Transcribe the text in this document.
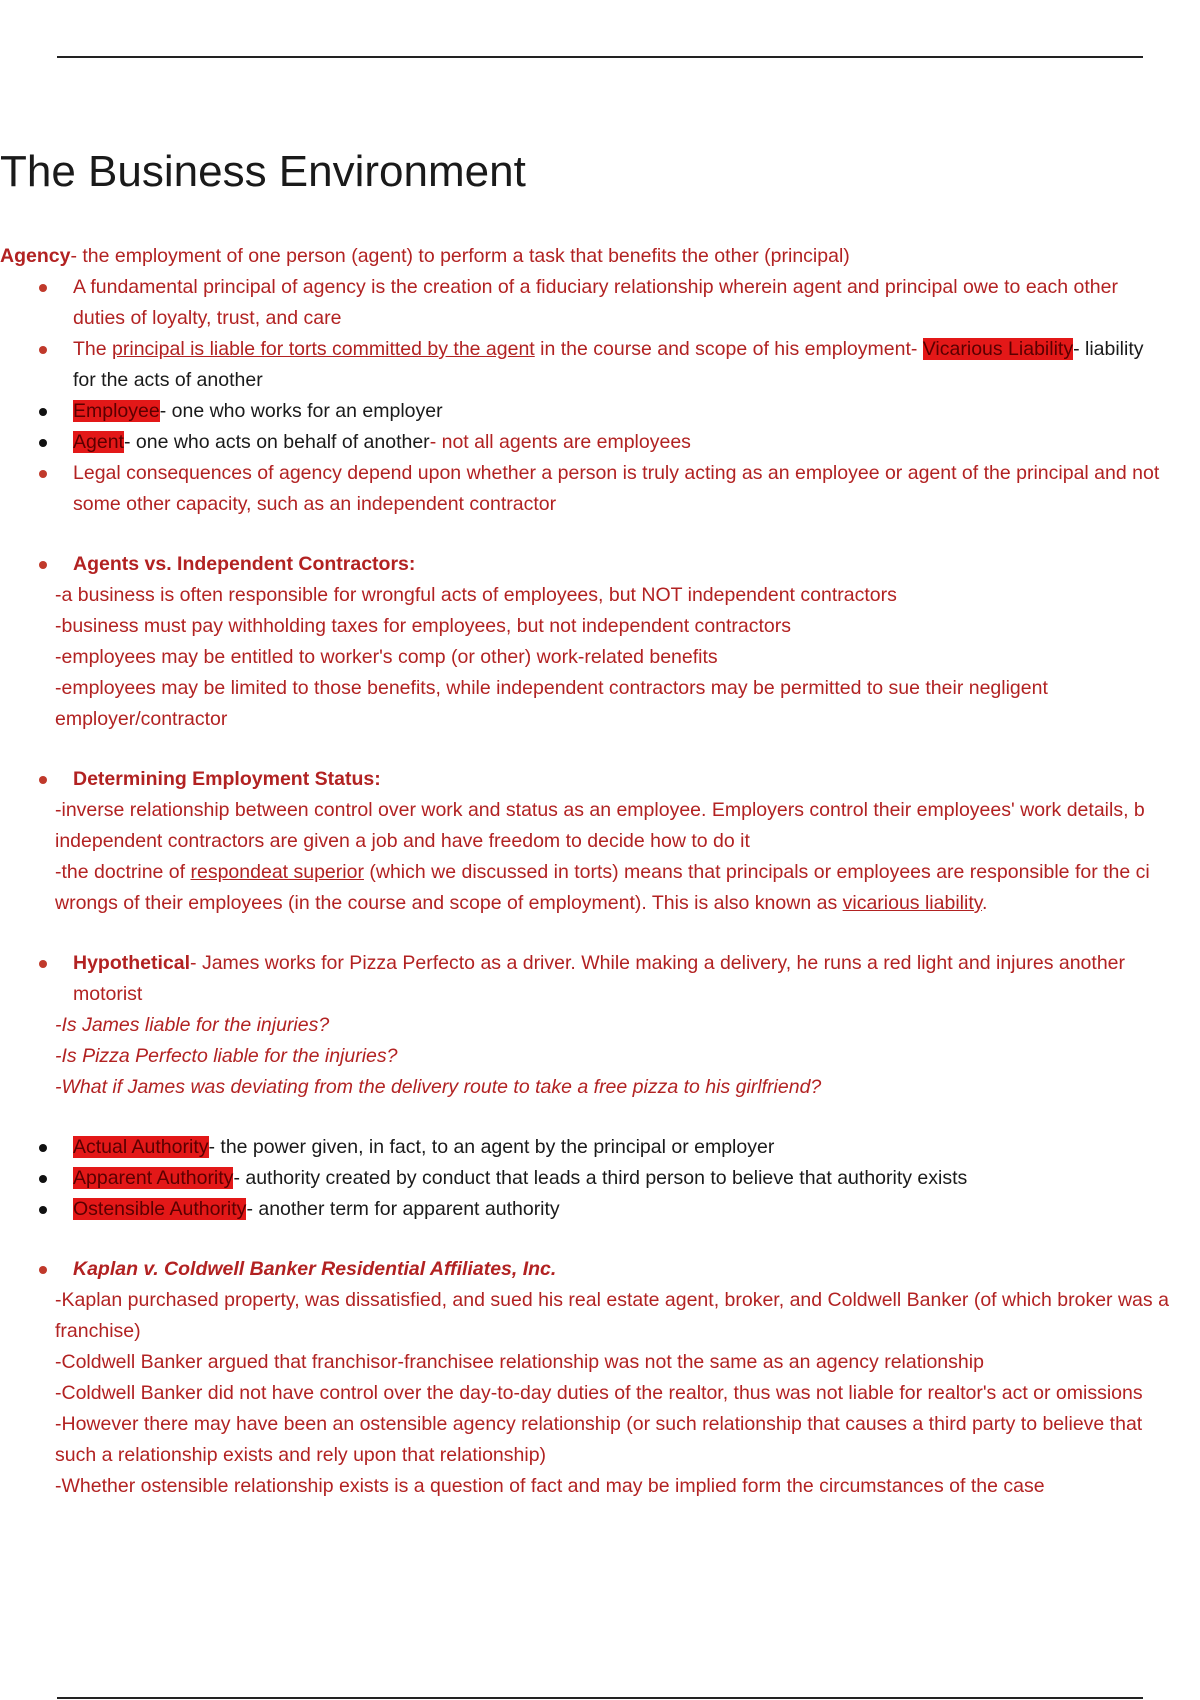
The Business Environment

Agency- the employment of one person (agent) to perform a task that benefits the other (principal)

A fundamental principal of agency is the creation of a fiduciary relationship wherein agent and principal owe to each other

duties of loyalty, trust, and care

The principal is liable for torts committed by the agent in the course and scope of his employment- Vicarious Liability- liability

for the acts of another

Employee- one who works for an employer

Agent- one who acts on behalf of another- not all agents are employees

Legal consequences of agency depend upon whether a person is truly acting as an employee or agent of the principal and not

some other capacity, such as an independent contractor

Agents vs. Independent Contractors:

-a business is often responsible for wrongful acts of employees, but NOT independent contractors

-business must pay withholding taxes for employees, but not independent contractors

-employees may be entitled to worker's comp (or other) work-related benefits

-employees may be limited to those benefits, while independent contractors may be permitted to sue their negligent

employer/contractor

Determining Employment Status:

-inverse relationship between control over work and status as an employee. Employers control their employees' work details, b

independent contractors are given a job and have freedom to decide how to do it

-the doctrine of respondeat superior (which we discussed in torts) means that principals or employees are responsible for the ci

wrongs of their employees (in the course and scope of employment). This is also known as vicarious liability.

Hypothetical- James works for Pizza Perfecto as a driver. While making a delivery, he runs a red light and injures another

motorist

-Is James liable for the injuries?

-Is Pizza Perfecto liable for the injuries?

-What if James was deviating from the delivery route to take a free pizza to his girlfriend?

Actual Authority- the power given, in fact, to an agent by the principal or employer

Apparent Authority- authority created by conduct that leads a third person to believe that authority exists

Ostensible Authority- another term for apparent authority

Kaplan v. Coldwell Banker Residential Affiliates, Inc.

-Kaplan purchased property, was dissatisfied, and sued his real estate agent, broker, and Coldwell Banker (of which broker was a

franchise)

-Coldwell Banker argued that franchisor-franchisee relationship was not the same as an agency relationship

-Coldwell Banker did not have control over the day-to-day duties of the realtor, thus was not liable for realtor's act or omissions

-However there may have been an ostensible agency relationship (or such relationship that causes a third party to believe that

such a relationship exists and rely upon that relationship)

-Whether ostensible relationship exists is a question of fact and may be implied form the circumstances of the case
